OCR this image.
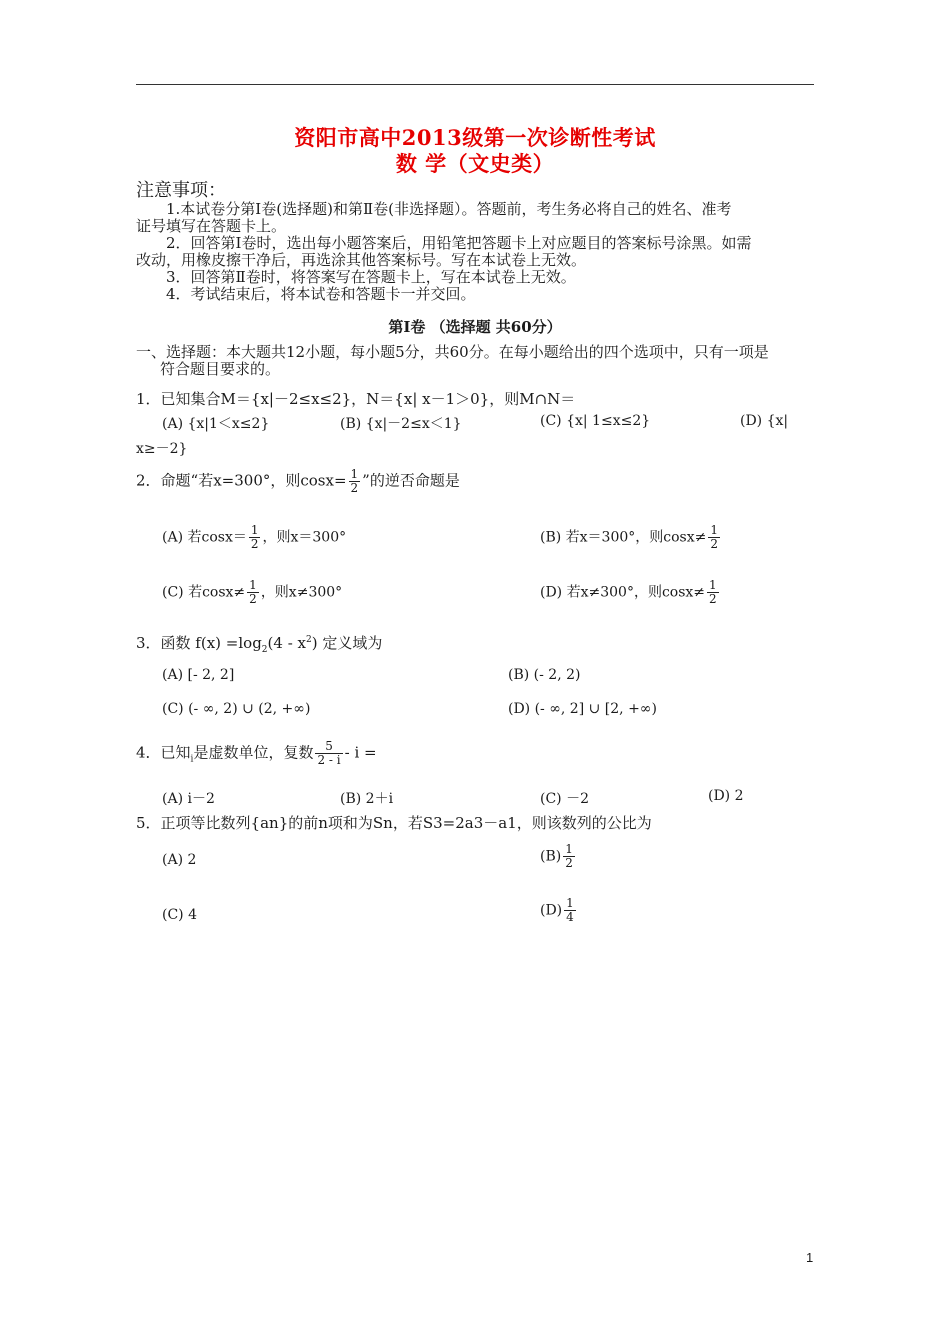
资阳市高中2013级第一次诊断性考试
数 学（文史类）
注意事项：
1.本试卷分第Ⅰ卷(选择题)和第Ⅱ卷(非选择题）。答题前，考生务必将自己的姓名、准考
证号填写在答题卡上。
2．回答第Ⅰ卷时，选出每小题答案后，用铅笔把答题卡上对应题目的答案标号涂黑。如需
改动，用橡皮擦干净后，再选涂其他答案标号。写在本试卷上无效。
3．回答第Ⅱ卷时，将答案写在答题卡上，写在本试卷上无效。
4．考试结束后，将本试卷和答题卡一并交回。
第Ⅰ卷 （选择题 共60分）
一、选择题：本大题共12小题，每小题5分，共60分。在每小题给出的四个选项中，只有一项是
符合题目要求的。
1．已知集合M＝{x|－2≤x≤2}，N＝{x| x－1＞0}，则M∩N＝
(A) {x|1＜x≤2}	(B) {x|－2≤x＜1}	(C) {x| 1≤x≤2}	(D) {x|
x≥－2}
2．命题“若x=300°，则$\cos x= \frac{1}{2}$ ”的逆否命题是
(A) 若$\cos x= \frac{1}{2}$ ，则x＝300°	(B) 若x＝300°，则$\cos x\ne \frac{1}{2}$
(C) 若$\cos x\ne \frac{1}{2}$ ，则x≠300°	(D) 若x≠300°，则$\cos x\ne \frac{1}{2}$
3．函数 $f(x) =\log_2(4 - x^2)$ 定义域为
(A) [- 2, 2]	(B) (- 2, 2)
(C) (- ∞, 2) ∪ (2, +∞)	(D) (- ∞, 2] ∪ [2, +∞)
4．已知$_i$是虚数单位，复数 $\frac{5}{2 - i}$ - i =
(A) i－2	(B) 2＋i	(C) －2	(D) 2
5．正项等比数列{an}的前n项和为Sn，若S3=2a3－a1，则该数列的公比为
(A) 2	$(B) \frac{1}{2}$
(C) 4	$(D) \frac{1}{4}$
1
